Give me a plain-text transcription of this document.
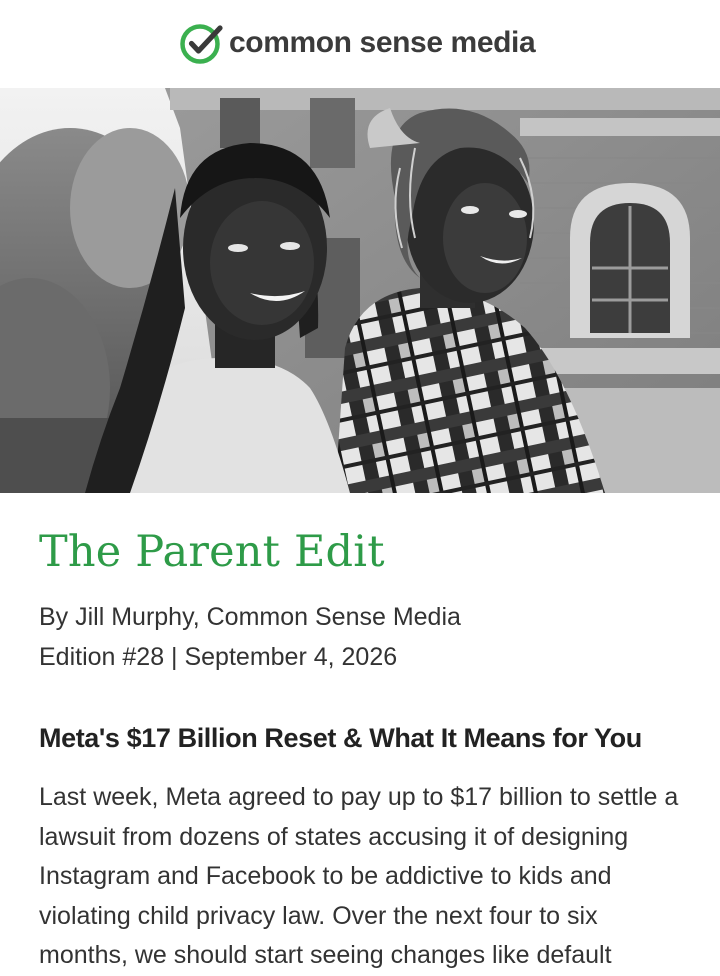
common sense media
The Parent Edit
By Jill Murphy, Common Sense Media
Edition #28 | September 4, 2026
Meta's $17 Billion Reset & What It Means for You

Last week, Meta agreed to pay up to $17 billion to settle a lawsuit from dozens of states accusing it of designing Instagram and Facebook to be addictive to kids and violating child privacy law. Over the next four to six months, we should start seeing changes like default
